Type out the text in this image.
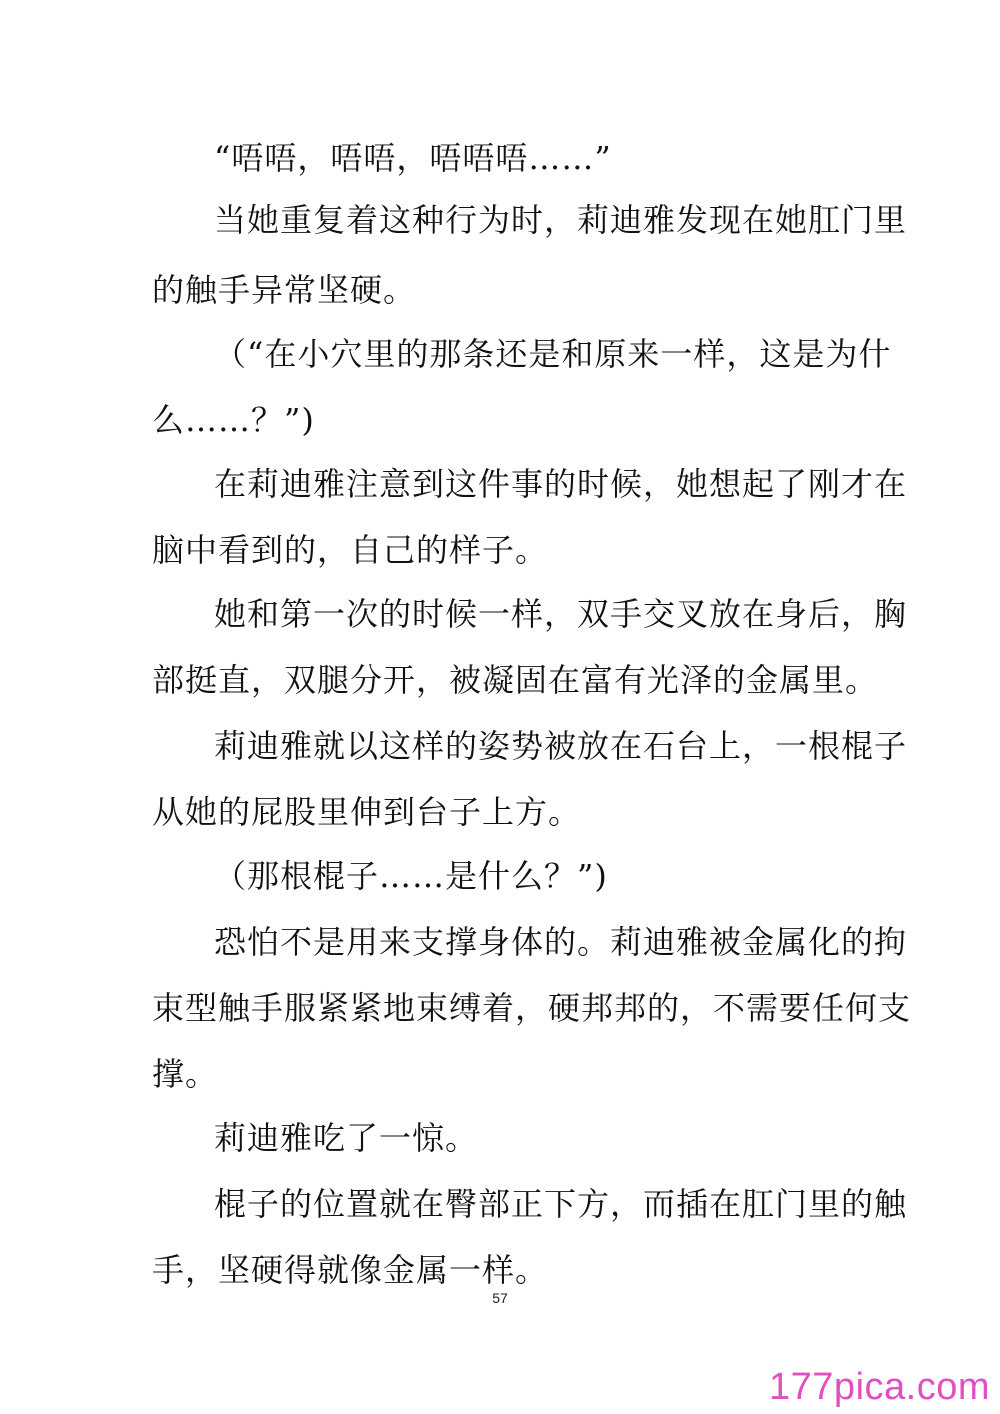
“唔唔，唔唔，唔唔唔……”
当她重复着这种行为时，莉迪雅发现在她肛门里
的触手异常坚硬。
（“在小穴里的那条还是和原来一样，这是为什
么……？”)
在莉迪雅注意到这件事的时候，她想起了刚才在
脑中看到的，自己的样子。
她和第一次的时候一样，双手交叉放在身后，胸
部挺直，双腿分开，被凝固在富有光泽的金属里。
莉迪雅就以这样的姿势被放在石台上，一根棍子
从她的屁股里伸到台子上方。
（那根棍子……是什么？”)
恐怕不是用来支撑身体的。莉迪雅被金属化的拘
束型触手服紧紧地束缚着，硬邦邦的，不需要任何支
撑。
莉迪雅吃了一惊。
棍子的位置就在臀部正下方，而插在肛门里的触
手，坚硬得就像金属一样。
57
177pica.com
